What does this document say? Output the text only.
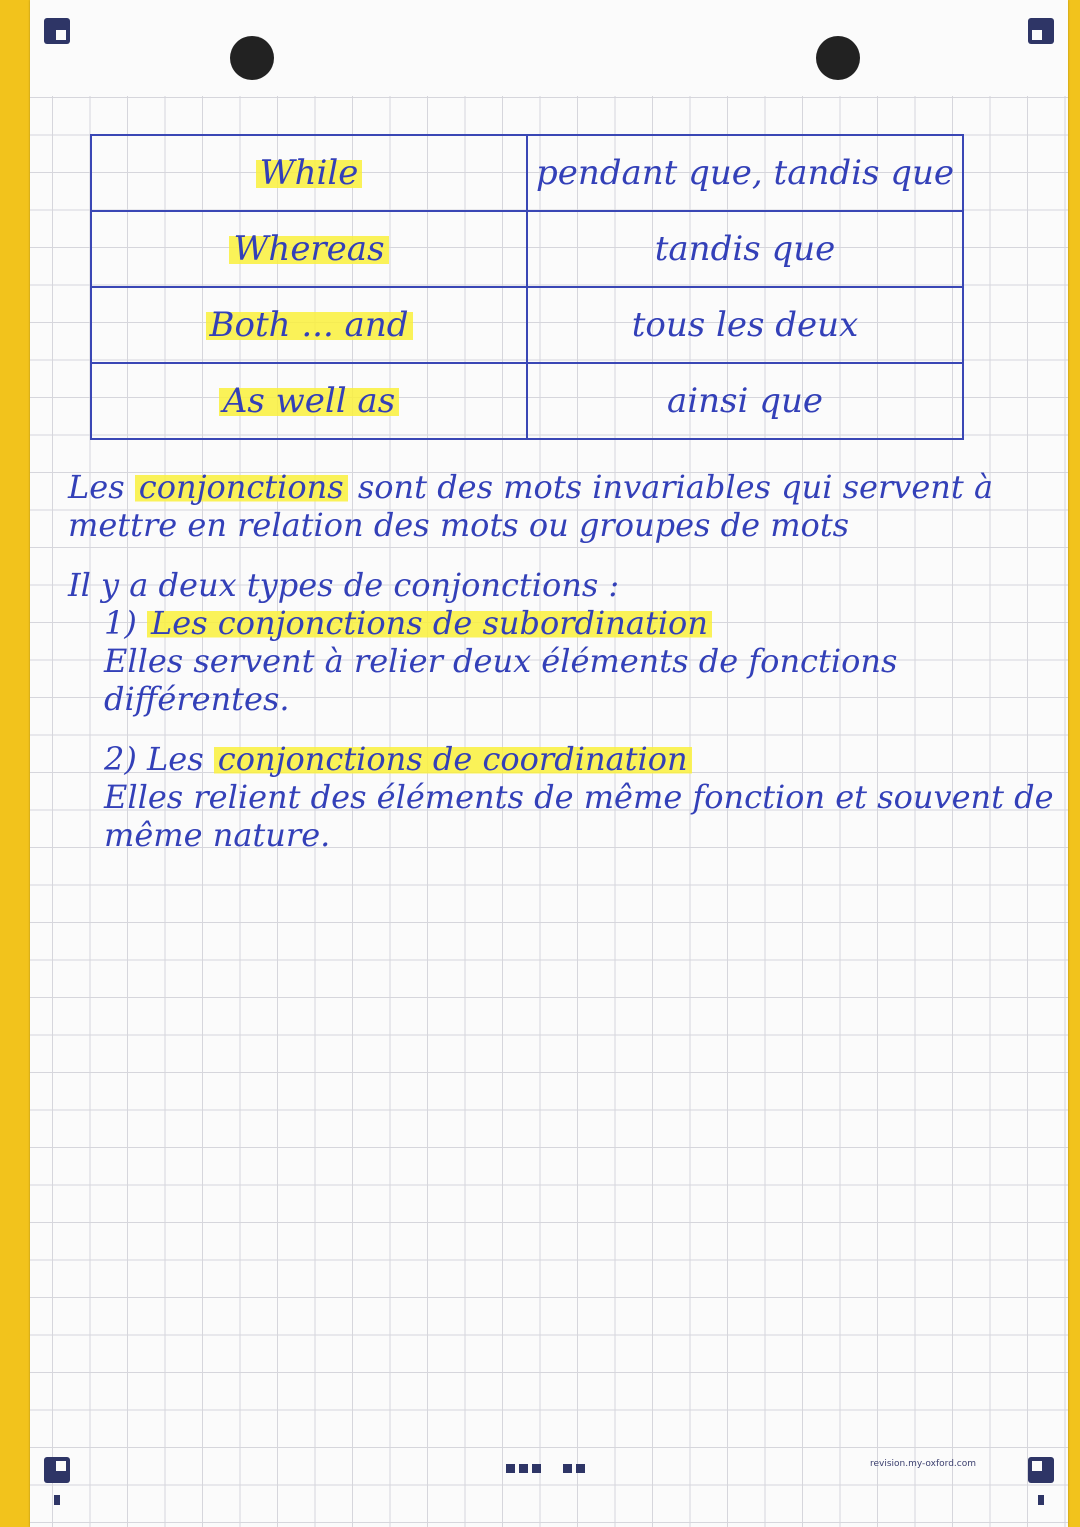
While	pendant que, tandis que
Whereas	tandis que
Both ... and	tous les deux
As well as	ainsi que

Les conjonctions sont des mots invariables qui servent à mettre en relation des mots ou groupes de mots

Il y a deux types de conjonctions :

1) Les conjonctions de subordination

Elles servent à relier deux éléments de fonctions différentes.

2) Les conjonctions de coordination

Elles relient des éléments de même fonction et souvent de même nature.

revision.my-oxford.com
